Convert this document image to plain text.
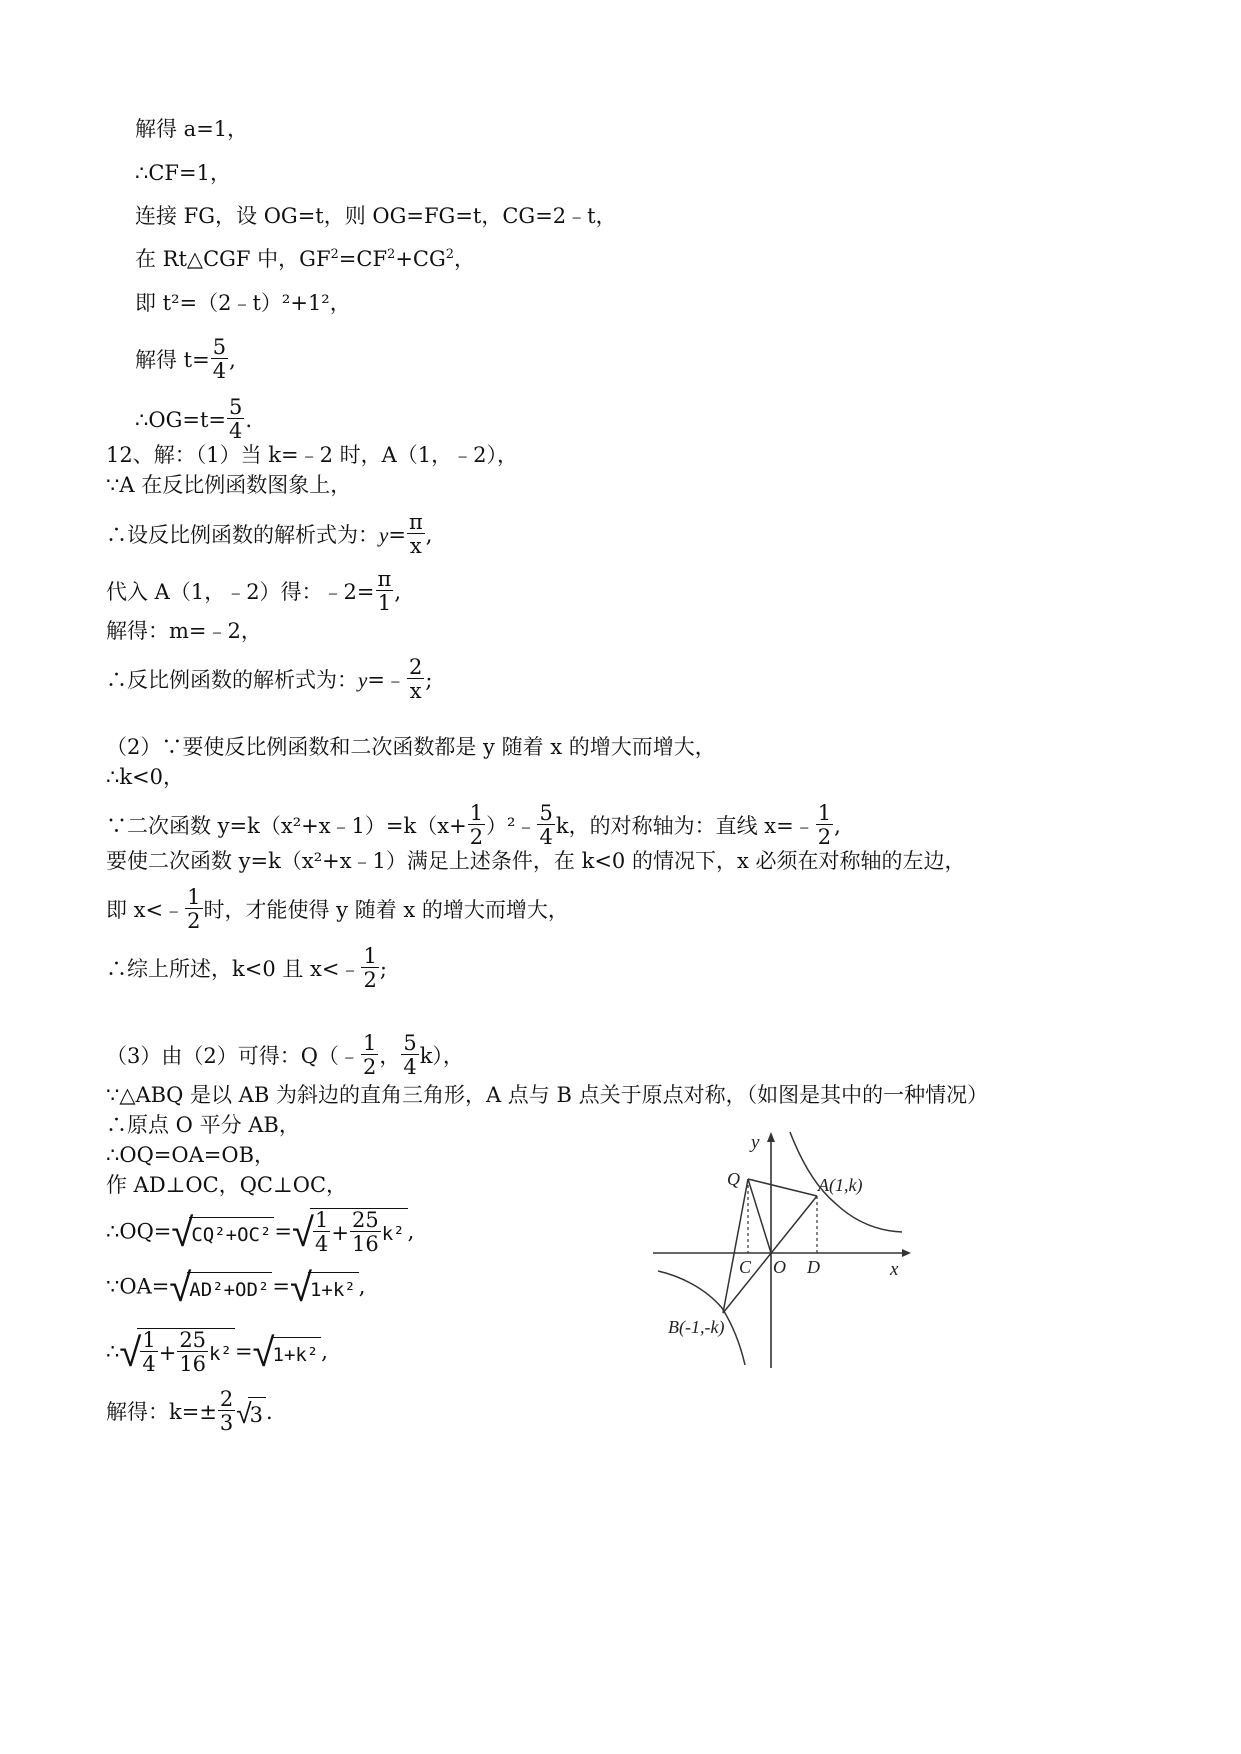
解得 a=1，
∴CF=1，
连接 FG，设 OG=t，则 OG=FG=t，CG=2﹣t，
在 Rt△CGF 中，$GF^2=CF^2+CG^2$，
即 t²=（2﹣t）²+1²，
解得 $t= \frac{5}{4}$ ,
∴OG=t= $\frac{5}{4}$ .
12、解：（1）当 k=﹣2 时，A（1，﹣2），
∵A 在反比例函数图象上，
∴设反比例函数的解析式为：$y= \frac{\pi}{x}$ ,
代入 A（1，﹣2）得：﹣2= $\frac{\pi}{1}$ ,
解得：m=﹣2，
∴反比例函数的解析式为：y=﹣ $\frac{2}{x}$ ;
（2）∵要使反比例函数和二次函数都是 y 随着 x 的增大而增大，
∴k<0，
∵二次函数 y=k（x²+x﹣1）=k（x+ $\frac{1}{2}$ ）²﹣ $\frac{5}{4}$ k，的对称轴为：直线 x=﹣ $\frac{1}{2}$ ,
要使二次函数 y=k（x²+x﹣1）满足上述条件，在 k<0 的情况下，x 必须在对称轴的左边，
即 x<﹣ $\frac{1}{2}$ 时，才能使得 y 随着 x 的增大而增大，
∴综上所述，k<0 且 x<﹣ $\frac{1}{2}$ ;
（3）由（2）可得：Q（﹣ $\frac{1}{2}$ ， $\frac{5}{4} k$），
∵△ABQ 是以 AB 为斜边的直角三角形，A 点与 B 点关于原点对称，（如图是其中的一种情况）
∴原点 O 平分 AB，
∴OQ=OA=OB，
作 AD⊥OC，QC⊥OC，
∴OQ=√CQ²+OC² =√ $\frac{1}{4} + \frac{25}{16} k^2$ ,
∵OA=√AD²+OD² =√1+k² ,
∴√ $\frac{1}{4} + \frac{25}{16} k^2 =√1+k^2$ ,
解得：$k=\pm \frac{2}{3} √3$ .
y
x
Q	A(1,k)
B(-1,-k)
C O D
